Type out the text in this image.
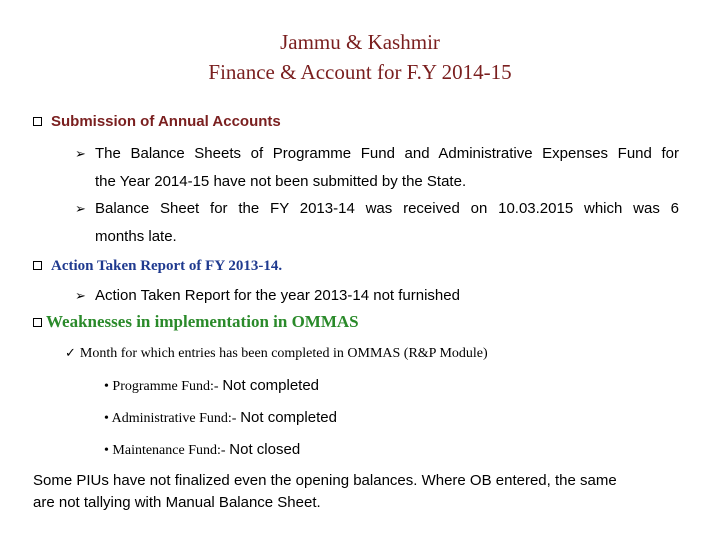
Jammu & Kashmir
Finance & Account for F.Y 2014-15
Submission of Annual Accounts
➢ The Balance Sheets of Programme Fund and Administrative Expenses Fund for
the Year 2014-15 have not been submitted by the State.
➢ Balance Sheet for the FY 2013-14 was received on 10.03.2015 which was 6
months late.
Action Taken Report of FY 2013-14.
➢ Action Taken Report for the year 2013-14 not furnished
Weaknesses in implementation in OMMAS
✓ Month for which entries has been completed in OMMAS (R&P Module)
• Programme Fund:- Not completed
• Administrative Fund:- Not completed
• Maintenance Fund:- Not closed
Some PIUs have not finalized even the opening balances. Where OB entered, the same
are not tallying with Manual Balance Sheet.
